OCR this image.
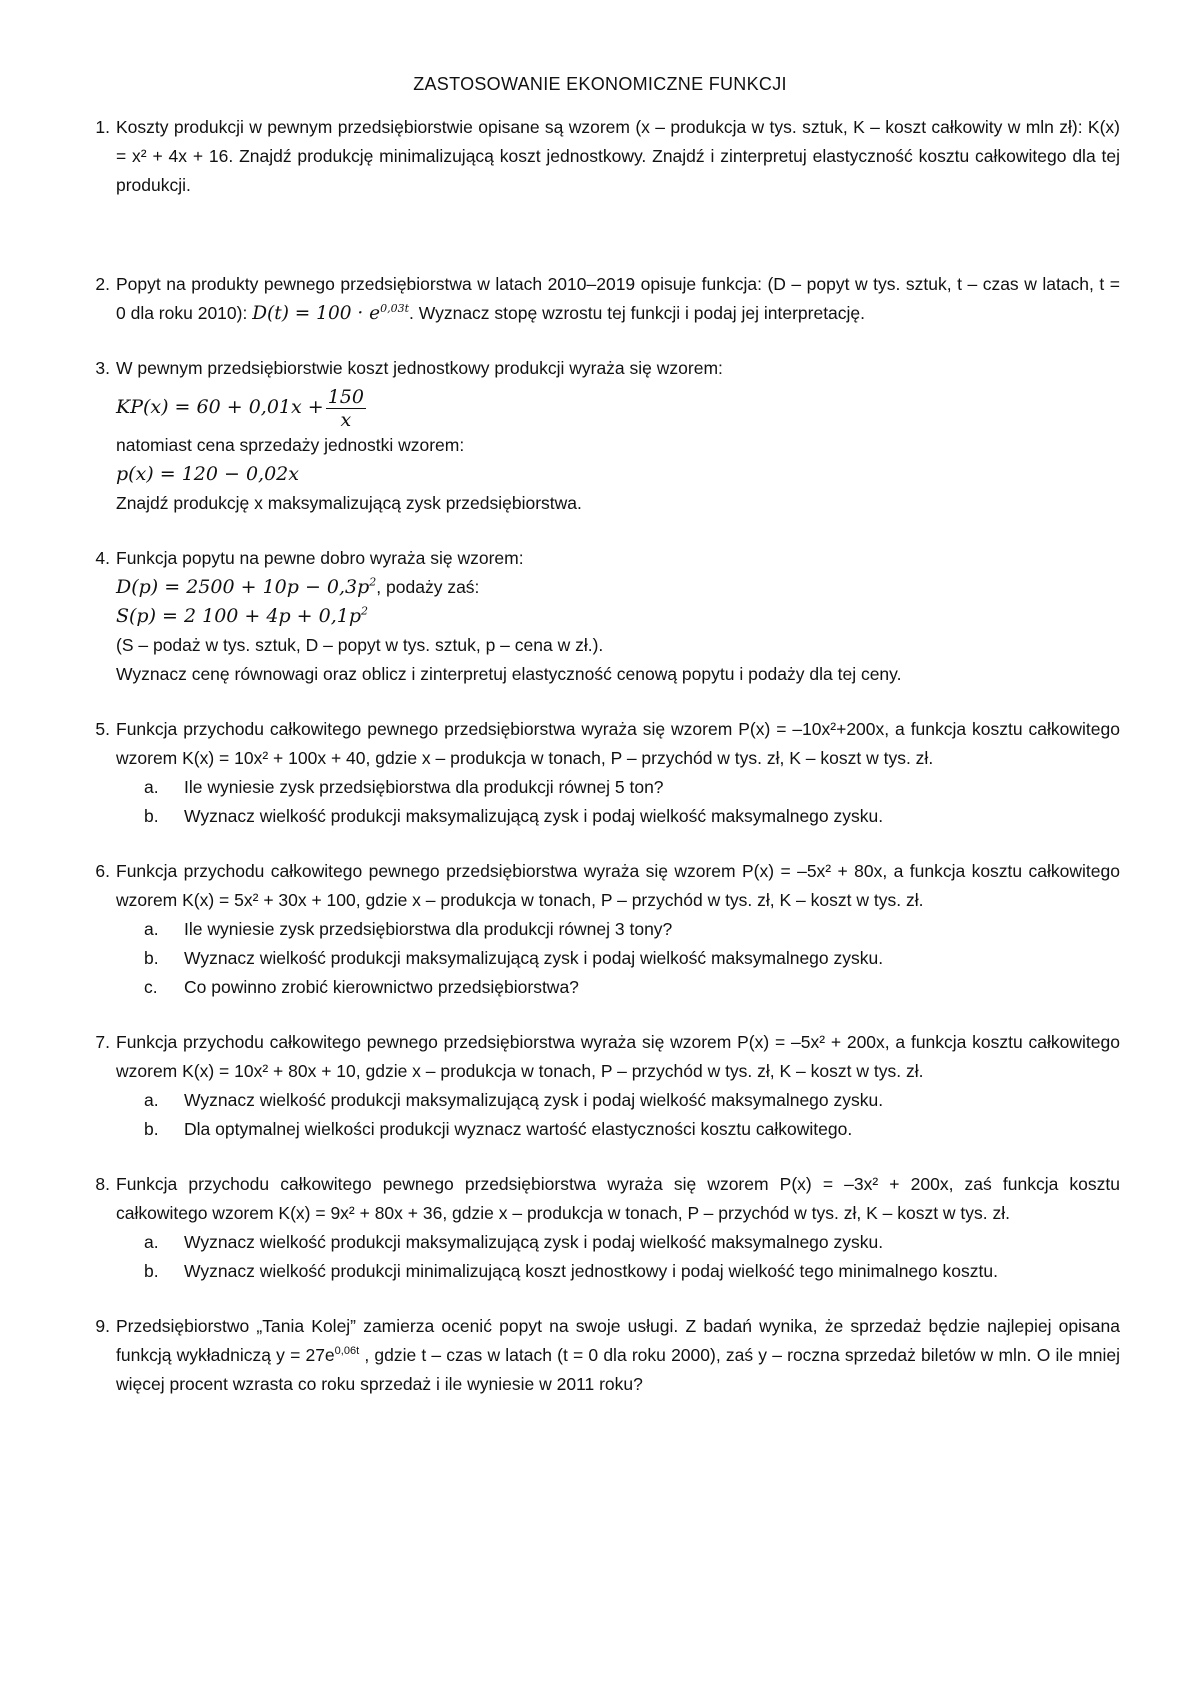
ZASTOSOWANIE EKONOMICZNE FUNKCJI
1. Koszty produkcji w pewnym przedsiębiorstwie opisane są wzorem (x – produkcja w tys. sztuk, K – koszt całkowity w mln zł): K(x) = x² + 4x + 16. Znajdź produkcję minimalizującą koszt jednostkowy. Znajdź i zinterpretuj elastyczność kosztu całkowitego dla tej produkcji.

2. Popyt na produkty pewnego przedsiębiorstwa w latach 2010–2019 opisuje funkcja: (D – popyt w tys. sztuk, t – czas w latach, t = 0 dla roku 2010): $D(t) = 100 \cdot e^{0,03t}$. Wyznacz stopę wzrostu tej funkcji i podaj jej interpretację.

3. W pewnym przedsiębiorstwie koszt jednostkowy produkcji wyraża się wzorem:

$KP(x) = 60 + 0,01x + \frac{150}{x}$

natomiast cena sprzedaży jednostki wzorem:

p(x) = 120 − 0,02x

Znajdź produkcję x maksymalizującą zysk przedsiębiorstwa.

4. Funkcja popytu na pewne dobro wyraża się wzorem:

$D(p) = 2500 + 10p - 0,3p^2$, podaży zaś:

S(p) = 2 $100 + 4p + 0,1p^2$

(S – podaż w tys. sztuk, D – popyt w tys. sztuk, p – cena w zł.).

Wyznacz cenę równowagi oraz oblicz i zinterpretuj elastyczność cenową popytu i podaży dla tej ceny.

5. Funkcja przychodu całkowitego pewnego przedsiębiorstwa wyraża się wzorem P(x) = –10x²+200x, a funkcja kosztu całkowitego wzorem K(x) = 10x² + 100x + 40, gdzie x – produkcja w tonach, P – przychód w tys. zł, K – koszt w tys. zł.

a. Ile wyniesie zysk przedsiębiorstwa dla produkcji równej 5 ton?

b. Wyznacz wielkość produkcji maksymalizującą zysk i podaj wielkość maksymalnego zysku.

6. Funkcja przychodu całkowitego pewnego przedsiębiorstwa wyraża się wzorem P(x) = –5x² + 80x, a funkcja kosztu całkowitego wzorem K(x) = 5x² + 30x + 100, gdzie x – produkcja w tonach, P – przychód w tys. zł, K – koszt w tys. zł.

a. Ile wyniesie zysk przedsiębiorstwa dla produkcji równej 3 tony?

b. Wyznacz wielkość produkcji maksymalizującą zysk i podaj wielkość maksymalnego zysku.

c. Co powinno zrobić kierownictwo przedsiębiorstwa?

7. Funkcja przychodu całkowitego pewnego przedsiębiorstwa wyraża się wzorem P(x) = –5x² + 200x, a funkcja kosztu całkowitego wzorem K(x) = 10x² + 80x + 10, gdzie x – produkcja w tonach, P – przychód w tys. zł, K – koszt w tys. zł.

a. Wyznacz wielkość produkcji maksymalizującą zysk i podaj wielkość maksymalnego zysku.

b. Dla optymalnej wielkości produkcji wyznacz wartość elastyczności kosztu całkowitego.

8. Funkcja przychodu całkowitego pewnego przedsiębiorstwa wyraża się wzorem P(x) = –3x² + 200x, zaś funkcja kosztu całkowitego wzorem K(x) = 9x² + 80x + 36, gdzie x – produkcja w tonach, P – przychód w tys. zł, K – koszt w tys. zł.

a. Wyznacz wielkość produkcji maksymalizującą zysk i podaj wielkość maksymalnego zysku.

b. Wyznacz wielkość produkcji minimalizującą koszt jednostkowy i podaj wielkość tego minimalnego kosztu.

9. Przedsiębiorstwo „Tania Kolej” zamierza ocenić popyt na swoje usługi. Z badań wynika, że sprzedaż będzie najlepiej opisana funkcją wykładniczą $y = 27e^{0,06t}$ , gdzie t – czas w latach (t = 0 dla roku 2000), zaś y – roczna sprzedaż biletów w mln. O ile mniej więcej procent wzrasta co roku sprzedaż i ile wyniesie w 2011 roku?
